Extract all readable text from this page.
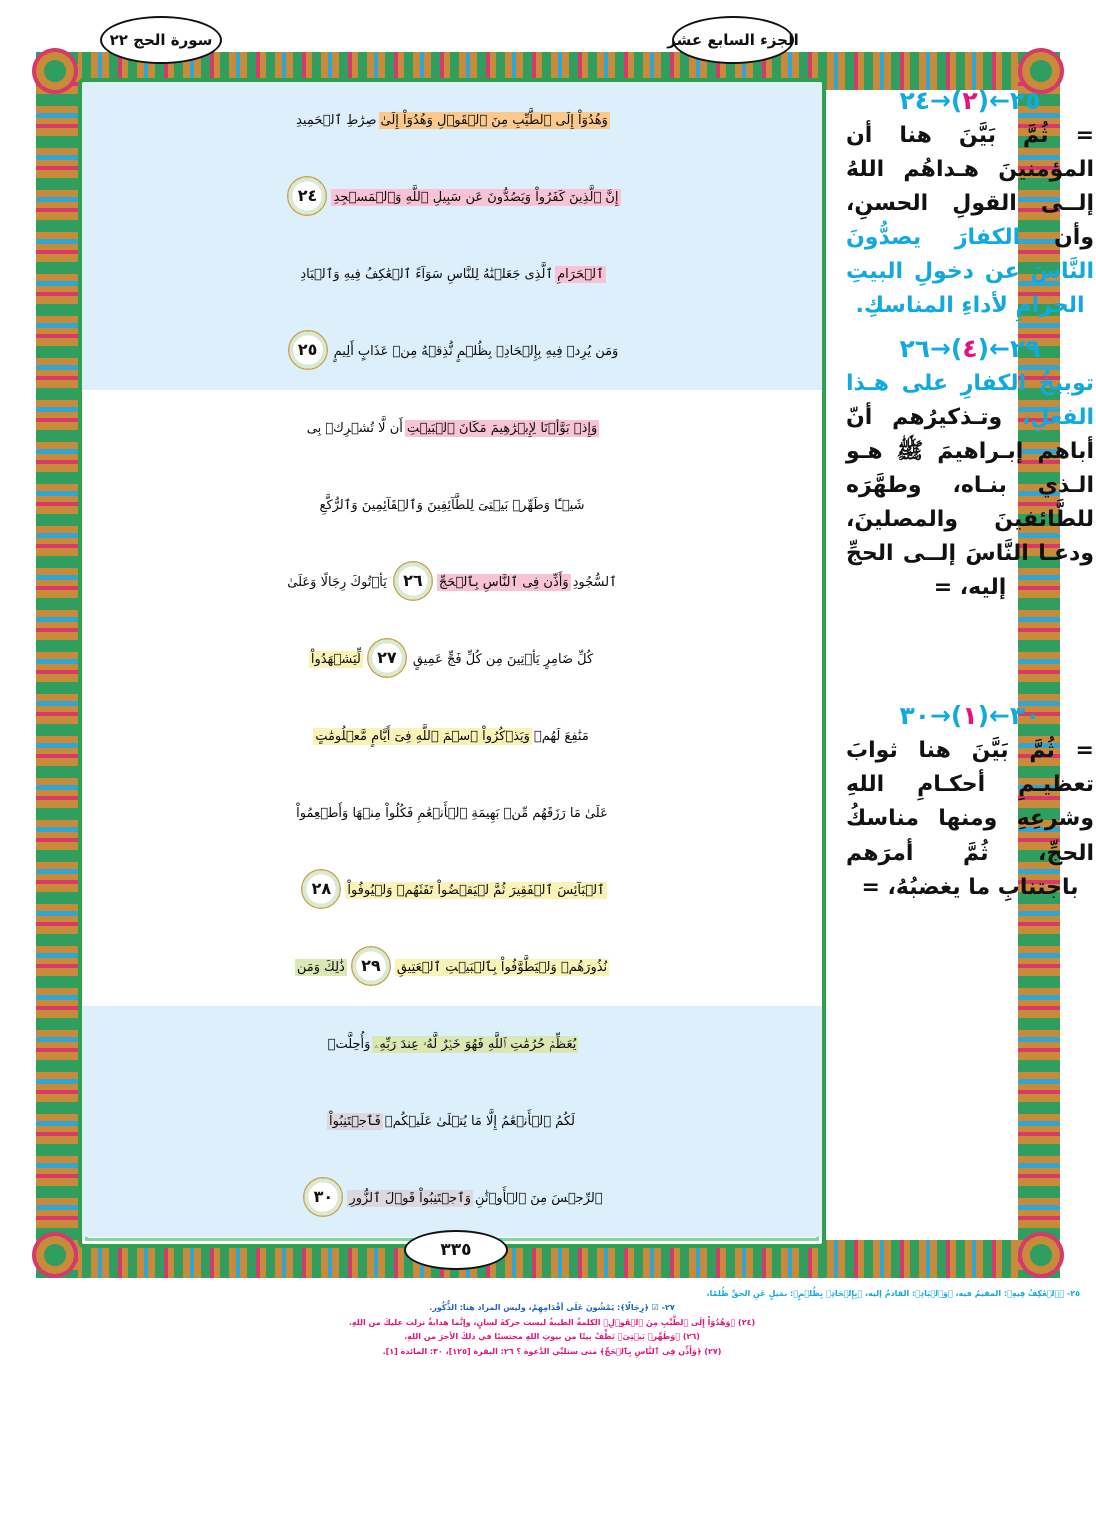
سورة الحج ٢٢	الجزء السابع عشر
وَهُدُوٓاْ إِلَى ٱلطَّيِّبِ مِنَ ٱلۡقَوۡلِ وَهُدُوٓاْ إِلَىٰ
صِرَٰطِ ٱلۡحَمِيدِ
إِنَّ ٱلَّذِينَ كَفَرُواْ وَيَصُدُّونَ عَن سَبِيلِ ٱللَّهِ وَٱلۡمَسۡجِدِ
٢٤
ٱلۡحَرَامِ
ٱلَّذِى جَعَلۡنَٰهُ لِلنَّاسِ سَوَآءً ٱلۡعَٰكِفُ فِيهِ وَٱلۡبَادِ
وَمَن يُرِدۡ فِيهِ بِإِلۡحَادِۭ بِظُلۡمٍ نُّذِقۡهُ مِنۡ عَذَابٍ أَلِيمٍ
٢٥
وَإِذۡ بَوَّأۡنَا لِإِبۡرَٰهِيمَ مَكَانَ ٱلۡبَيۡتِ
أَن لَّا تُشۡرِكۡ بِى
شَيۡـًٔا وَطَهِّرۡ بَيۡتِىَ لِلطَّآئِفِينَ وَٱلۡقَآئِمِينَ وَٱلرُّكَّعِ
ٱلسُّجُودِ
وَأَذِّن فِى ٱلنَّاسِ بِٱلۡحَجِّ
٢٦
يَأۡتُوكَ رِجَالًا وَعَلَىٰ
كُلِّ ضَامِرٍ يَأۡتِينَ مِن كُلِّ فَجٍّ عَمِيقٍ
٢٧
لِّيَشۡهَدُواْ
مَنَٰفِعَ لَهُمۡ
وَيَذۡكُرُواْ ٱسۡمَ ٱللَّهِ فِىٓ أَيَّامٍ مَّعۡلُومَٰتٍ
عَلَىٰ مَا رَزَقَهُم مِّنۢ بَهِيمَةِ ٱلۡأَنۡعَٰمِ فَكُلُواْ مِنۡهَا وَأَطۡعِمُواْ
ٱلۡبَآئِسَ ٱلۡفَقِيرَ
ثُمَّ لۡيَقۡضُواْ تَفَثَهُمۡ وَلۡيُوفُواْ
٢٨
نُذُورَهُمۡ وَلۡيَطَّوَّفُواْ بِٱلۡبَيۡتِ ٱلۡعَتِيقِ
٢٩
ذَٰلِكَ وَمَن
يُعَظِّمۡ حُرُمَٰتِ ٱللَّهِ فَهُوَ خَيۡرٌ لَّهُۥ عِندَ رَبِّهِۦ
وَأُحِلَّتۡ
لَكُمُ ٱلۡأَنۡعَٰمُ إِلَّا مَا يُتۡلَىٰ عَلَيۡكُمۡ
فَٱجۡتَنِبُواْ
ٱلرِّجۡسَ مِنَ ٱلۡأَوۡثَٰنِ
وَٱجۡتَنِبُواْ قَوۡلَ ٱلزُّورِ
٣٠
٣٣٥
٢٥←(٢)→٢٤
= ثُمَّ بَيَّنَ هنا أن المؤمنينَ هـداهُم اللهُ إلــى القولِ الحسنِ، وأن الكفارَ يصدُّونَ النَّاسَ عن دخولِ البيتِ الحرامِ لأداءِ المناسكِ.
٢٩←(٤)→٢٦
توبيخُ الكفارِ على هـذا الفعلِ، وتـذكيرُهم أنّ أباهم إبـراهيمَ ﷺ هـو الـذي بنـاه، وطهَّرَه للطَّائفينَ والمصلينَ، ودعـا النَّاسَ إلــى الحجِّ إليه، =
٣٠←(١)→٣٠
= ثُمَّ بَيَّنَ هنا ثوابَ تعظيـمِ أحكـامِ اللهِ وشرعِهِ ومنها مناسكُ الحجِّ، ثُمَّ أمرَهم باجتنابِ ما يغضبُهُ، =
٢٥- ﴿ٱلۡعَٰكِفُ فِيهِ﴾: المقيمُ فيه، ﴿وَٱلۡبَادِ﴾: القادمُ إليه، ﴿بِإِلۡحَادِۭ بِظُلۡمٍ﴾: بمَيلٍ عَنِ الحقِّ ظُلمًا،
٢٧- ☑ ﴿رِجَالًا﴾: يَمْشُونَ عَلَى أقْدَامِهِمْ، وليس المراد هنا: الذُّكُور.
(٢٤) ﴿وَهُدُوٓاْ إِلَى ٱلطَّيِّبِ مِنَ ٱلۡقَوۡلِ﴾ الكلمةُ الطيبةُ ليست حركةَ لسانٍ، وإنَّما هدايةٌ نزلت عليكَ من اللهِ.
(٢٦) ﴿وَطَهِّرۡ بَيۡتِىَ﴾ نَظِّفْ بيتًا من بيوتِ اللهِ محتسبًا في ذلكَ الأجرَ من اللهِ.
(٢٧) ﴿وَأَذِّن فِى ٱلنَّاسِ بِٱلۡحَجِّ﴾ متى ستلبِّي الدَّعوة ؟ ٢٦: البقرة [١٢٥]، ٣٠: المائدة [١].
